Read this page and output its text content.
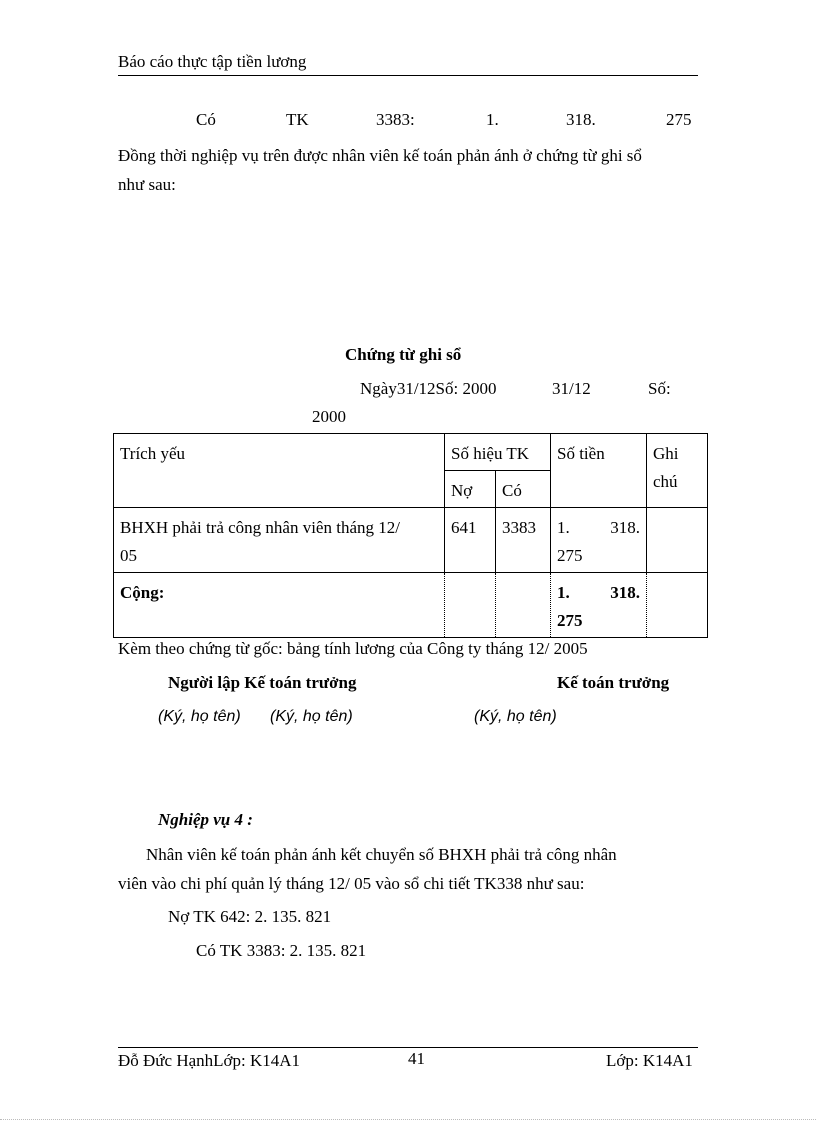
Báo cáo thực tập tiền lương
Có	TK	3383:	1.	318.	275
Đồng thời nghiệp vụ trên được nhân viên kế toán phản ánh ở chứng từ ghi sổ
như sau:
Chứng từ ghi sổ
Ngày31/12Số: 2000	31/12	Số:
2000
Trích yếu	Số hiệu TK		Số tiền	Ghi
chú
	Nợ	Có		
BHXH phải trả công nhân viên tháng 12/
05	641	3383	1. 318.
275	
Cộng:			1. 318.
275	
Kèm theo chứng từ gốc: bảng tính lương của Công ty tháng 12/ 2005
Người lập Kế toán trưởng	Kế toán trưởng
(Ký, họ tên) (Ký, họ tên)	(Ký, họ tên)
Nghiệp vụ 4 :
Nhân viên kế toán phản ánh kết chuyển số BHXH phải trả công nhân
viên vào chi phí quản lý tháng 12/ 05 vào sổ chi tiết TK338 như sau:
Nợ TK 642: 2. 135. 821
Có TK 3383: 2. 135. 821
Đỗ Đức HạnhLớp: K14A1	41	Lớp: K14A1
